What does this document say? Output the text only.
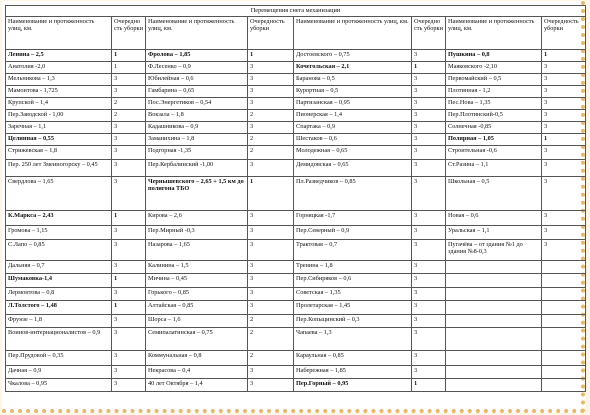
Перемещения снега механизации							
Наименование и протяженность улиц, км.	Очередность уборки	Наименование и протяженность улиц, км.	Очередность уборки	Наименование и протяженность улиц, км.	Очередность уборки	Наименование и протяженность улиц, км.	Очередность уборки
Ленина – 2,5	1	Фролова – 1,85	1	Достоевского – 0,75	3	Пушкина – 0,8	1
Анатолия -2,0	1	Ф.Лесенко – 0,9	3	Кочегольская – 2,1	1	Маяковского -2,10	3
Мельникова – 1,3	3	Юбилейная – 0,6	3	Баранова – 0,5	3	Первомайский – 0,5	3
Мамонтова - 1,725	3	Гамбарина – 0,65	3	Курортная – 0,5	3	Плотинная - 1,2	3
Крупской – 1,4	2	Пос.Энергетиков – 0,54	3	Партизанская – 0,95	3	Пес.Нова – 1,35	3
Пер.Заводской - 1,00	2	Вокзала – 1,8	2	Пионерская – 1,4	3	Пер.Плотинский-0,5	3
Заречная – 1,1	3	Кадашникова – 0,9	3	Спартака – 0,9	3	Солнечная -0,85	3
Целинная – 0,55	3	Заманихина – 1,8	2	Шестаков – 0,6	3	Полярная – 1,05	1
Стрижевская – 1,8	3	Подгорная -1,35	2	Молодежная – 0,65	3	Строительная -0,6	3
Пер. 250 лет Змеиногорску – 0,45	3	Пер.Кербалинский -1,00	3	Демидовская – 0,65	3	Ст.Разина – 1,1	3
Свердлова – 1,65	3	Чернышевского – 2,65 + 1,5 км до полигона ТБО	1	Пл.Разведчиков – 0,85	3	Школьная – 0,5	3
К.Маркса – 2,43	1	Кирова – 2,6	3	Горняцкая -1,7	3	Новая – 0,6	3
Громова – 1,15	3	Пер.Мирный -0,3	3	Пер.Северный – 0,9	3	Уральская – 1,1	3
С.Лапо – 0,85	3	Назарова – 1,65	3	Трактовая – 0,7	3	Пугачёва – от здания №1 до здания №8-0,3	3
Дальняя – 0,7	3	Калинина – 1,5	3	Тренина – 1,8	3		
Шумаковка-1,4	1	Мичина – 0,45	3	Пер.Сибиряков – 0,6	3		
Лермонтова – 0,8	3	Горького – 0,85	3	Советская – 1,35	3		
Л.Толстого – 1,48	1	Алтайская – 0,85	3	Пролетарская – 1,45	3		
Фрунзе – 1,8	3	Шорса – 1,6	2	Пер.Копыцинский – 0,3	3		
Воинов-интернационалистов – 0,9	3	Семипалатинская – 0,75	2	Чапаева – 1,3	3		
Пер.Прудовой – 0,35	3	Коммунальная – 0,8	2	Караульная – 0,85	3		
Дачная – 0,9	3	Некрасова – 0,4	3	Набережная – 1,85	3		
Чкалова – 0,95	3	40 лет Октября – 1,4	3	Пер.Горный – 0,95	1		
